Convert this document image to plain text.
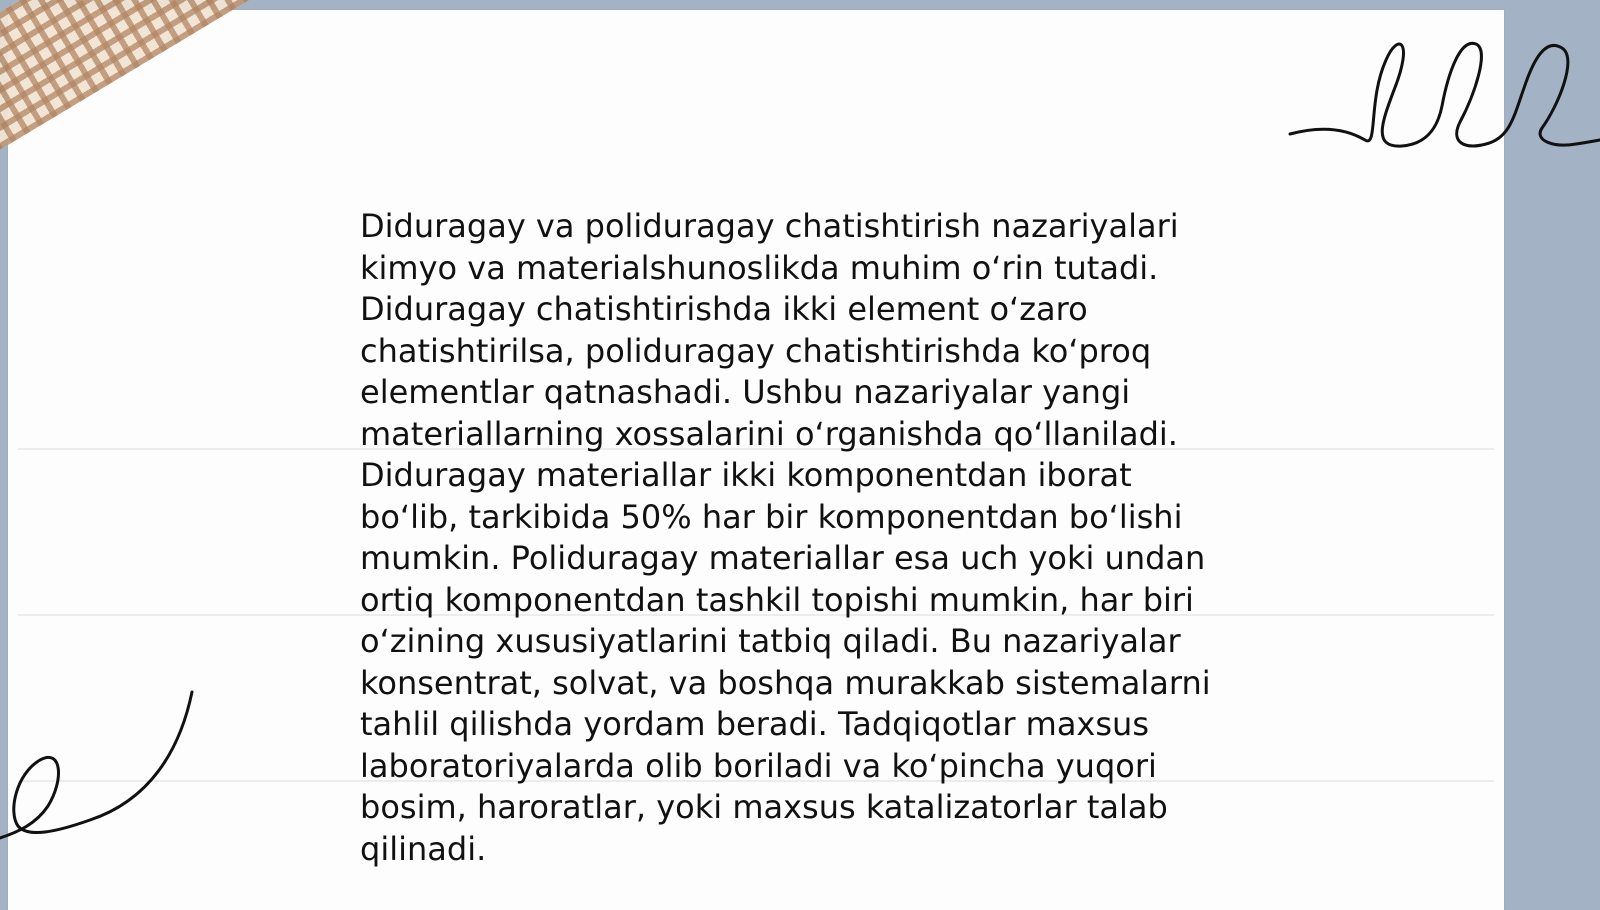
Diduragay va poliduragay chatishtirish nazariyalari
kimyo va materialshunoslikda muhim o‘rin tutadi.
Diduragay chatishtirishda ikki element o‘zaro
chatishtirilsa, poliduragay chatishtirishda ko‘proq
elementlar qatnashadi. Ushbu nazariyalar yangi
materiallarning xossalarini o‘rganishda qo‘llaniladi.
Diduragay materiallar ikki komponentdan iborat
bo‘lib, tarkibida 50% har bir komponentdan bo‘lishi
mumkin. Poliduragay materiallar esa uch yoki undan
ortiq komponentdan tashkil topishi mumkin, har biri
o‘zining xususiyatlarini tatbiq qiladi. Bu nazariyalar
konsentrat, solvat, va boshqa murakkab sistemalarni
tahlil qilishda yordam beradi. Tadqiqotlar maxsus
laboratoriyalarda olib boriladi va ko‘pincha yuqori
bosim, haroratlar, yoki maxsus katalizatorlar talab
qilinadi.
